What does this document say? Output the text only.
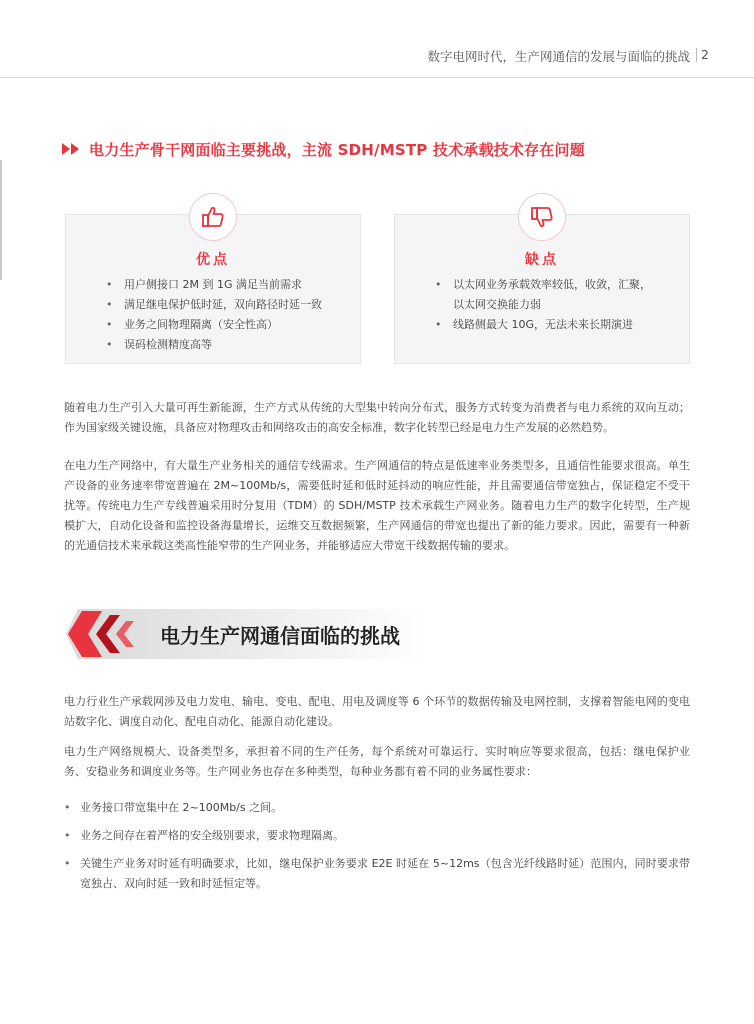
数字电网时代，生产网通信的发展与面临的挑战 2
电力生产骨干网面临主要挑战，主流 SDH/MSTP 技术承载技术存在问题
优点
• 用户侧接口 2M 到 1G 满足当前需求
• 满足继电保护低时延，双向路径时延一致
• 业务之间物理隔离（安全性高）
• 误码检测精度高等
缺点
• 以太网业务承载效率较低，收敛，汇聚，
以太网交换能力弱
• 线路侧最大 10G，无法未来长期演进

随着电力生产引入大量可再生新能源，生产方式从传统的大型集中转向分布式，服务方式转变为消费者与电力系统的双向互动；作为国家级关键设施，具备应对物理攻击和网络攻击的高安全标准，数字化转型已经是电力生产发展的必然趋势。

在电力生产网络中，有大量生产业务相关的通信专线需求。生产网通信的特点是低速率业务类型多，且通信性能要求很高。单生产设备的业务速率带宽普遍在 2M~100Mb/s，需要低时延和低时延抖动的响应性能，并且需要通信带宽独占，保证稳定不受干扰等。传统电力生产专线普遍采用时分复用（TDM）的 SDH/MSTP 技术承载生产网业务。随着电力生产的数字化转型，生产规模扩大，自动化设备和监控设备海量增长，运维交互数据频繁，生产网通信的带宽也提出了新的能力要求。因此，需要有一种新的光通信技术来承载这类高性能窄带的生产网业务，并能够适应大带宽干线数据传输的要求。

电力生产网通信面临的挑战

电力行业生产承载网涉及电力发电、输电、变电、配电、用电及调度等 6 个环节的数据传输及电网控制，支撑着智能电网的变电站数字化、调度自动化、配电自动化、能源自动化建设。

电力生产网络规模大、设备类型多，承担着不同的生产任务，每个系统对可靠运行、实时响应等要求很高，包括：继电保护业务、安稳业务和调度业务等。生产网业务也存在多种类型，每种业务都有着不同的业务属性要求：

• 业务接口带宽集中在 2~100Mb/s 之间。
• 业务之间存在着严格的安全级别要求，要求物理隔离。
• 关键生产业务对时延有明确要求，比如，继电保护业务要求 E2E 时延在 5~12ms（包含光纤线路时延）范围内，同时要求带宽独占、双向时延一致和时延恒定等。
